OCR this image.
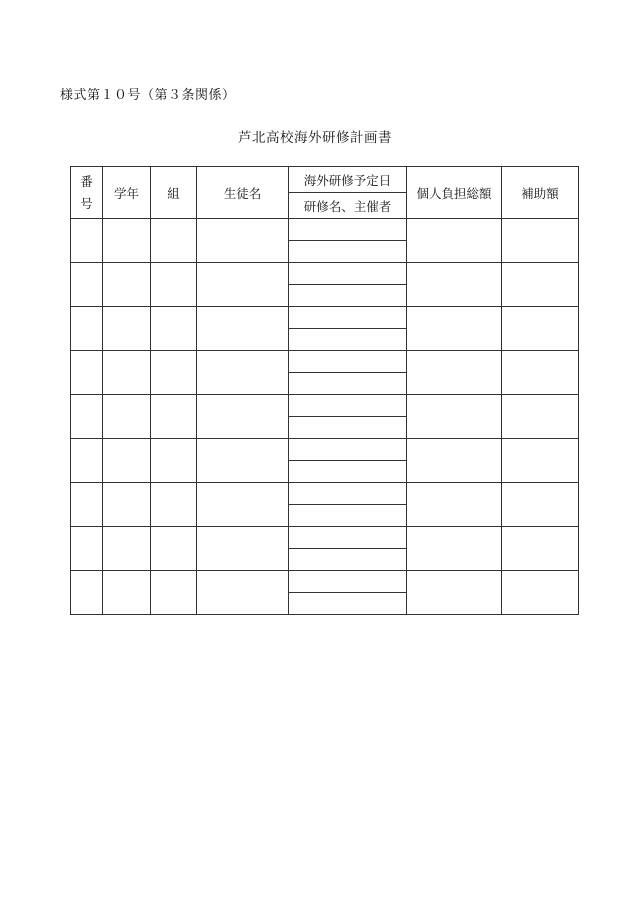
様式第１０号（第３条関係）
芦北高校海外研修計画書
番号	学年	組	生徒名	海外研修予定日	個人負担総額	補助額
				研修名、主催者		
